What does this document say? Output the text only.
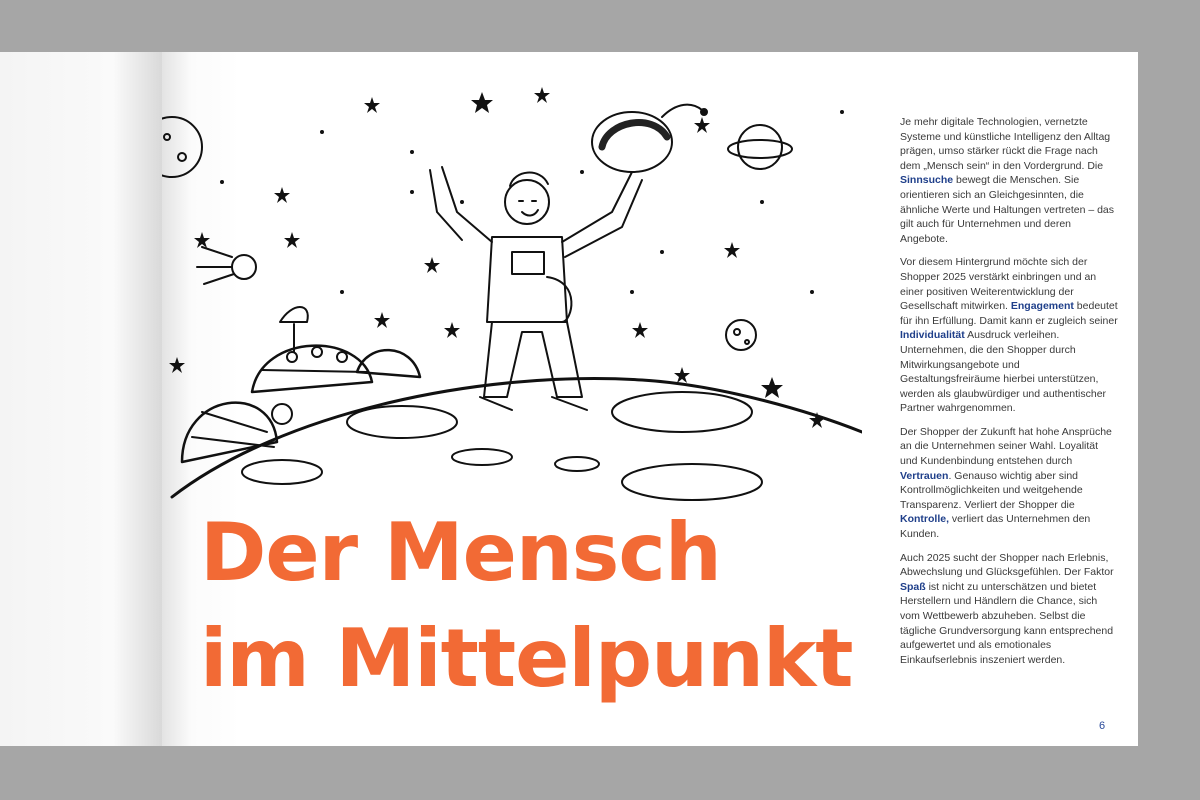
Der Mensch
im Mittelpunkt

Je mehr digitale Technologien, vernetzte Systeme und künstliche Intelligenz den Alltag prägen, umso stärker rückt die Frage nach dem „Mensch sein“ in den Vordergrund. Die Sinnsuche bewegt die Menschen. Sie orientieren sich an Gleichgesinnten, die ähnliche Werte und Haltungen vertreten – das gilt auch für Unternehmen und deren Angebote.

Vor diesem Hintergrund möchte sich der Shopper 2025 verstärkt einbringen und an einer positiven Weiterentwicklung der Gesellschaft mitwirken. Engagement bedeutet für ihn Erfüllung. Damit kann er zugleich seiner Individualität Ausdruck verleihen. Unternehmen, die den Shopper durch Mitwirkungsangebote und Gestaltungsfreiräume hierbei unterstützen, werden als glaubwürdiger und authentischer Partner wahrgenommen.

Der Shopper der Zukunft hat hohe Ansprüche an die Unternehmen seiner Wahl. Loyalität und Kundenbindung entstehen durch Vertrauen. Genauso wichtig aber sind Kontrollmöglichkeiten und weitgehende Transparenz. Verliert der Shopper die Kontrolle, verliert das Unternehmen den Kunden.

Auch 2025 sucht der Shopper nach Erlebnis, Abwechslung und Glücksgefühlen. Der Faktor Spaß ist nicht zu unterschätzen und bietet Herstellern und Händlern die Chance, sich vom Wettbewerb abzuheben. Selbst die tägliche Grundversorgung kann entsprechend aufgewertet und als emotionales Einkaufserlebnis inszeniert werden.

6
